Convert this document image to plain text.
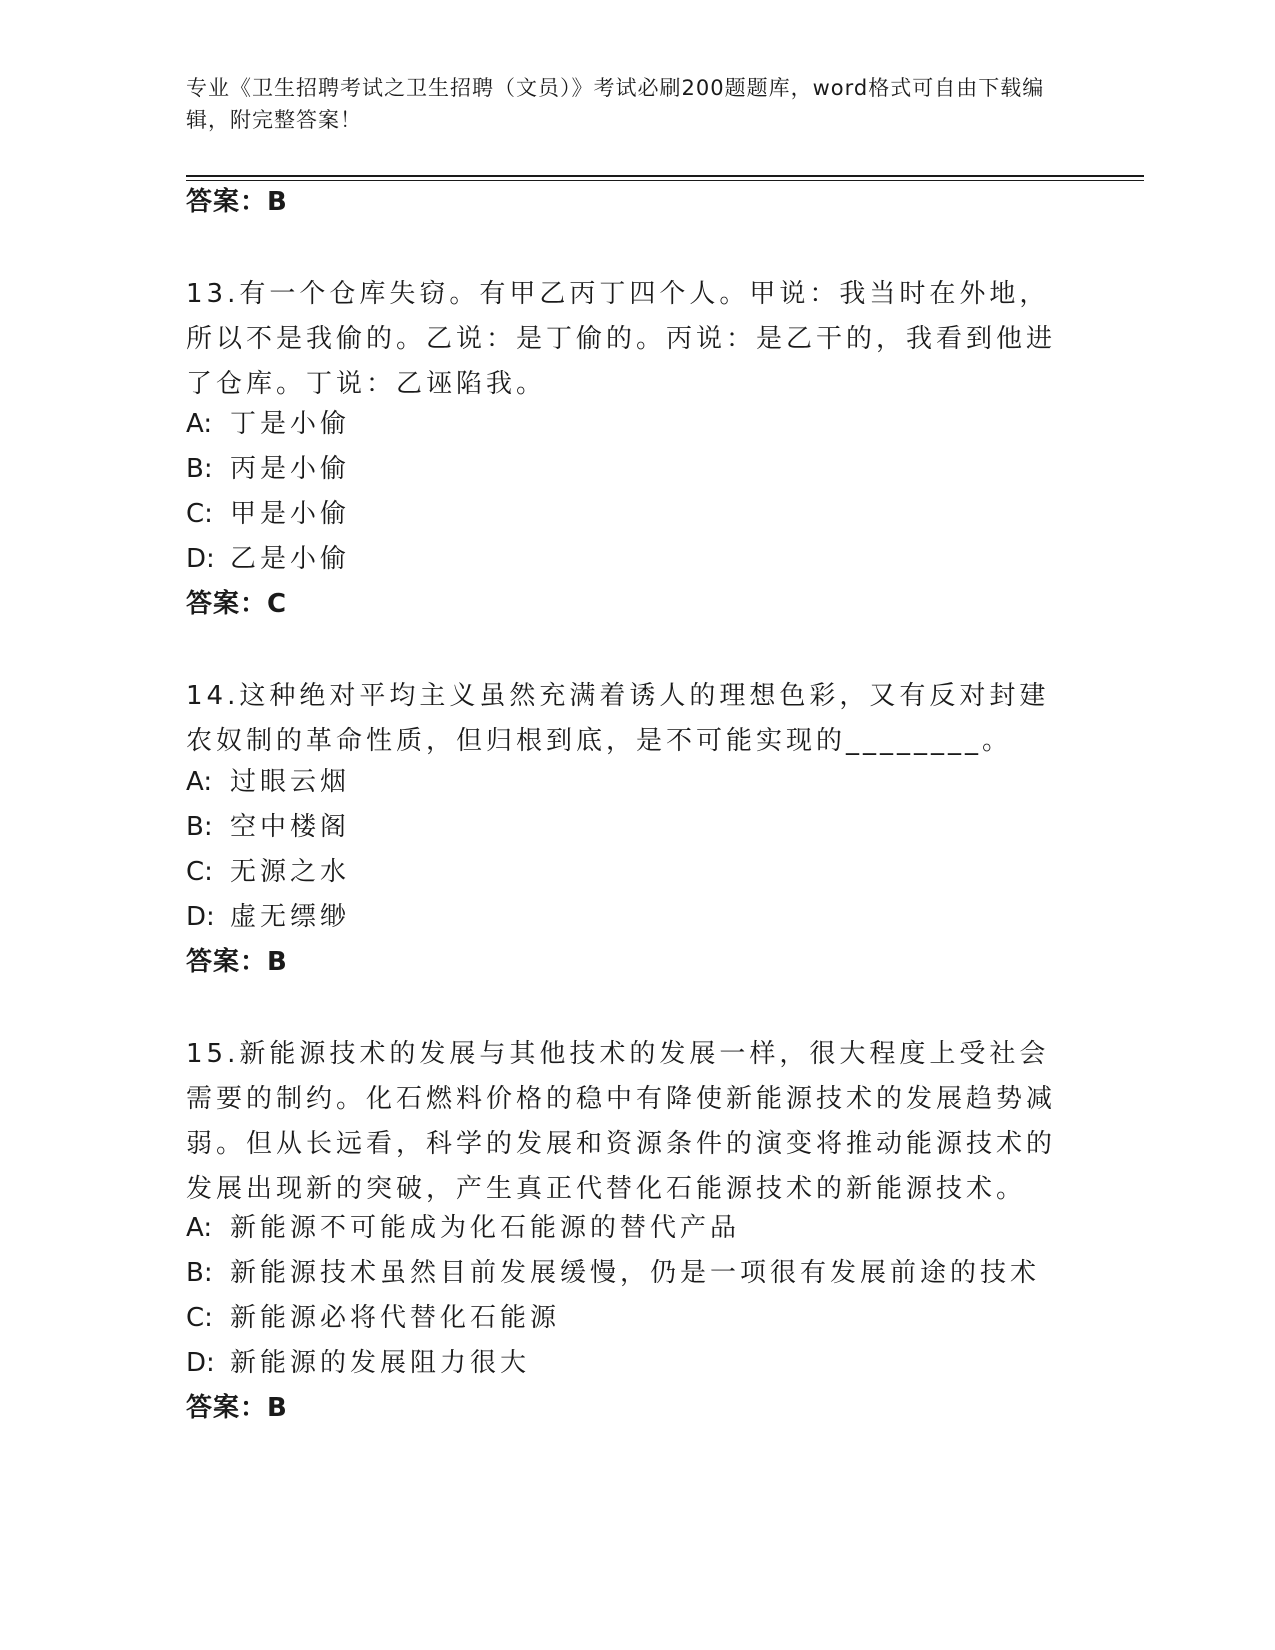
专业《卫生招聘考试之卫生招聘（文员）》考试必刷200题题库，word格式可自由下载编辑，附完整答案！
答案：B
13.有一个仓库失窃。有甲乙丙丁四个人。甲说：我当时在外地，所以不是我偷的。乙说：是丁偷的。丙说：是乙干的，我看到他进了仓库。丁说：乙诬陷我。
A: 丁是小偷
B: 丙是小偷
C: 甲是小偷
D: 乙是小偷
答案：C
14.这种绝对平均主义虽然充满着诱人的理想色彩，又有反对封建农奴制的革命性质，但归根到底，是不可能实现的________。
A: 过眼云烟
B: 空中楼阁
C: 无源之水
D: 虚无缥缈
答案：B
15.新能源技术的发展与其他技术的发展一样，很大程度上受社会需要的制约。化石燃料价格的稳中有降使新能源技术的发展趋势减弱。但从长远看，科学的发展和资源条件的演变将推动能源技术的发展出现新的突破，产生真正代替化石能源技术的新能源技术。
A: 新能源不可能成为化石能源的替代产品
B: 新能源技术虽然目前发展缓慢，仍是一项很有发展前途的技术
C: 新能源必将代替化石能源
D: 新能源的发展阻力很大
答案：B
